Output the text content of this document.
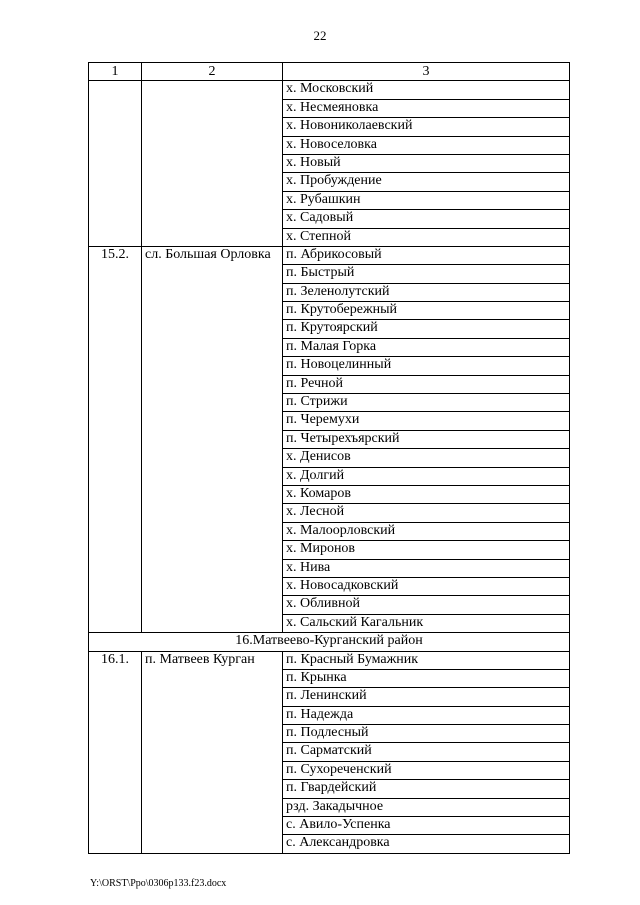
22
1	2	3
		х. Московский
		х. Несмеяновка
		х. Новониколаевский
		х. Новоселовка
		х. Новый
		х. Пробуждение
		х. Рубашкин
		х. Садовый
		х. Степной
15.2.	сл. Большая Орловка	п. Абрикосовый
		п. Быстрый
		п. Зеленолутский
		п. Крутобережный
		п. Крутоярский
		п. Малая Горка
		п. Новоцелинный
		п. Речной
		п. Стрижи
		п. Черемухи
		п. Четырехъярский
		х. Денисов
		х. Долгий
		х. Комаров
		х. Лесной
		х. Малоорловский
		х. Миронов
		х. Нива
		х. Новосадковский
		х. Обливной
		х. Сальский Кагальник
16.Матвеево-Курганский район		
16.1.	п. Матвеев Курган	п. Красный Бумажник
		п. Крынка
		п. Ленинский
		п. Надежда
		п. Подлесный
		п. Сарматский
		п. Сухореченский
		п. Гвардейский
		рзд. Закадычное
		с. Авило-Успенка
		с. Александровка
Y:\ORST\Ppo\0306p133.f23.docx
